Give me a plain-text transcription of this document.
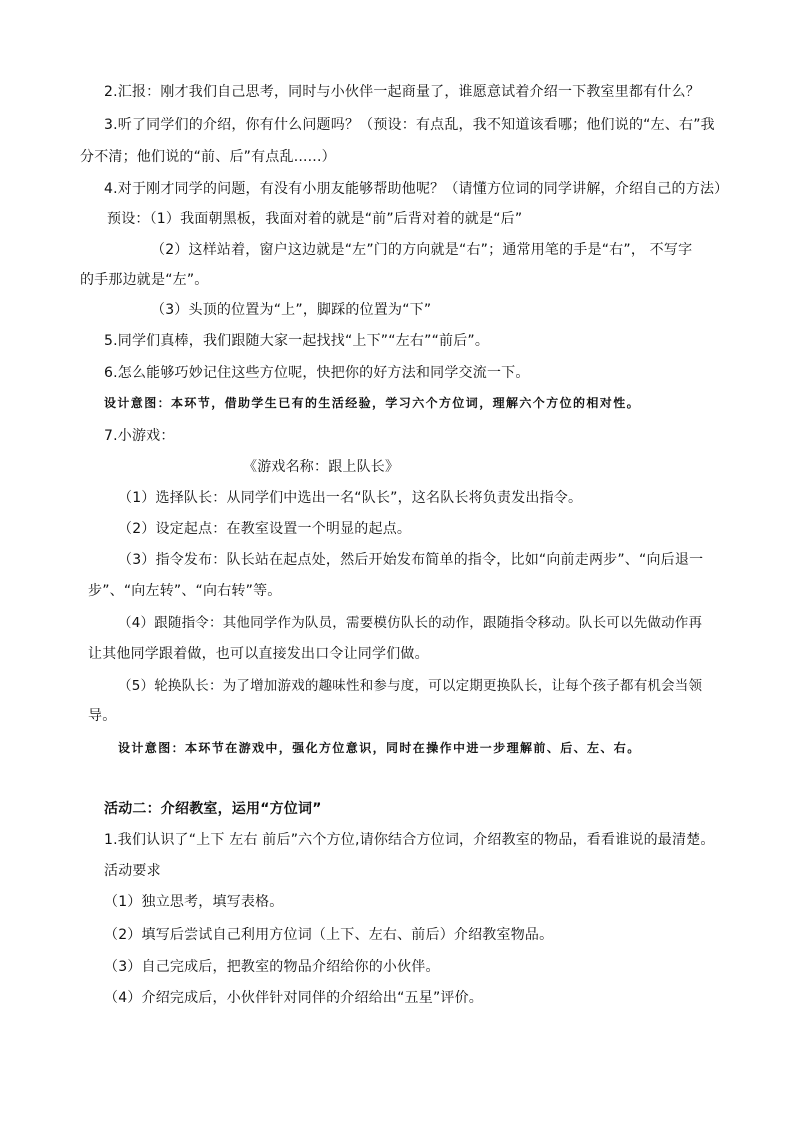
2.汇报：刚才我们自己思考，同时与小伙伴一起商量了，谁愿意试着介绍一下教室里都有什么？
3.听了同学们的介绍，你有什么问题吗？（预设：有点乱，我不知道该看哪；他们说的“左、右”我
分不清；他们说的“前、后”有点乱......）
4.对于刚才同学的问题，有没有小朋友能够帮助他呢？（请懂方位词的同学讲解，介绍自己的方法）
预设：（1）我面朝黑板，我面对着的就是“前”后背对着的就是“后”
（2）这样站着，窗户这边就是“左”门的方向就是“右”；通常用笔的手是“右”， 不写字
的手那边就是“左”。
（3）头顶的位置为“上”，脚踩的位置为“下”
5.同学们真棒，我们跟随大家一起找找“上下”“左右”“前后”。
6.怎么能够巧妙记住这些方位呢，快把你的好方法和同学交流一下。
设计意图：本环节，借助学生已有的生活经验，学习六个方位词，理解六个方位的相对性。
7.小游戏：
《游戏名称：跟上队长》
（1）选择队长：从同学们中选出一名“队长”，这名队长将负责发出指令。
（2）设定起点：在教室设置一个明显的起点。
（3）指令发布：队长站在起点处，然后开始发布简单的指令，比如“向前走两步”、“向后退一
步”、“向左转”、“向右转”等。
（4）跟随指令：其他同学作为队员，需要模仿队长的动作，跟随指令移动。队长可以先做动作再
让其他同学跟着做，也可以直接发出口令让同学们做。
（5）轮换队长：为了增加游戏的趣味性和参与度，可以定期更换队长，让每个孩子都有机会当领
导。
设计意图：本环节在游戏中，强化方位意识，同时在操作中进一步理解前、后、左、右。
活动二：介绍教室，运用“方位词”
1.我们认识了“上下 左右 前后”六个方位,请你结合方位词，介绍教室的物品，看看谁说的最清楚。
活动要求
（1）独立思考，填写表格。
（2）填写后尝试自己利用方位词（上下、左右、前后）介绍教室物品。
（3）自己完成后，把教室的物品介绍给你的小伙伴。
（4）介绍完成后，小伙伴针对同伴的介绍给出“五星”评价。
